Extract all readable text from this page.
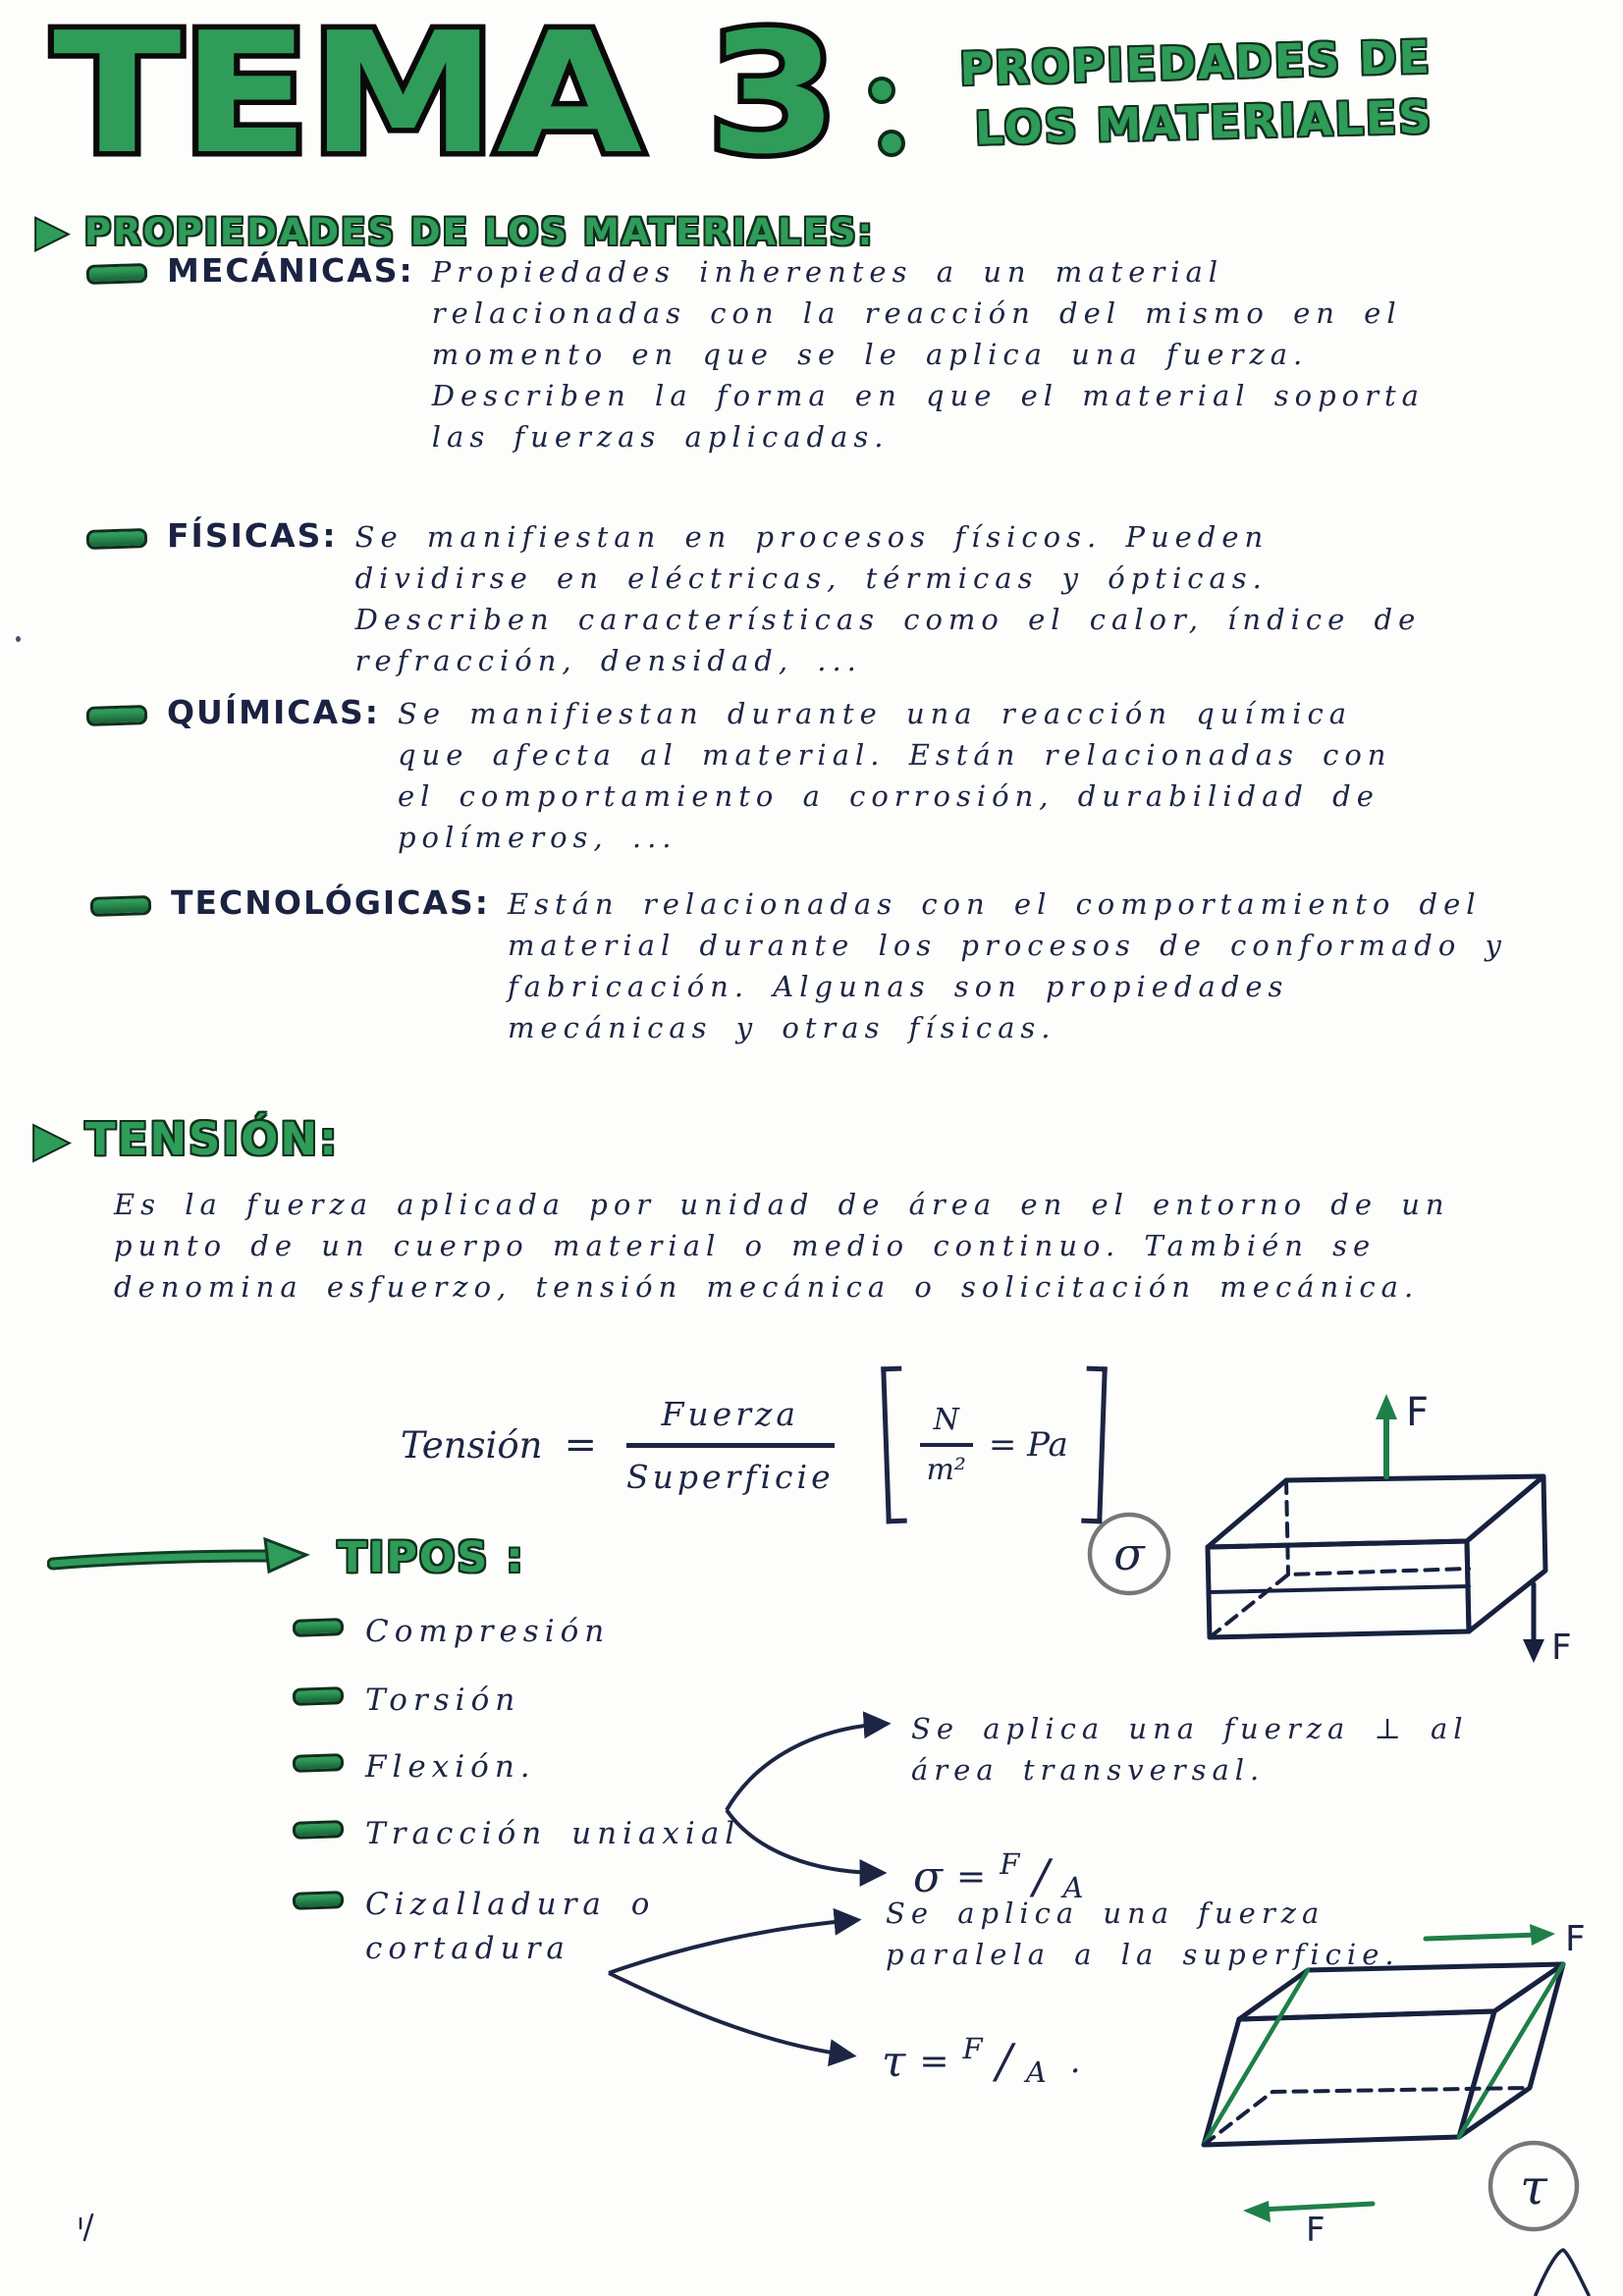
TEMA 3	PROPIEDADES DE
LOS MATERIALES
▶ PROPIEDADES DE LOS MATERIALES:
MECÁNICAS: Propiedades inherentes a un material relacionadas con la reacción del mismo en el momento en que se le aplica una fuerza. Describen la forma en que el material soporta las fuerzas aplicadas.
FÍSICAS: Se manifiestan en procesos físicos. Pueden dividirse en eléctricas, térmicas y ópticas. Describen características como el calor, índice de refracción, densidad, ...
QUÍMICAS: Se manifiestan durante una reacción química que afecta al material. Están relacionadas con el comportamiento a corrosión, durabilidad de polímeros, ...
TECNOLÓGICAS: Están relacionadas con el comportamiento del material durante los procesos de conformado y fabricación. Algunas son propiedades mecánicas y otras físicas.
▶ TENSIÓN:
Es la fuerza aplicada por unidad de área en el entorno de un punto de un cuerpo material o medio continuo. También se denomina esfuerzo, tensión mecánica o solicitación mecánica.
Tensión = $\frac{\text{Fuerza}}{\text{Superficie}}$	$\frac{N}{\text{m²}} = Pa$
σ
F
F
TIPOS :
Compresión
Torsión
Flexión.
Tracción uniaxial
Cizalladura o cortadura
Se aplica una fuerza ⊥ al área transversal.
σ = F / A
Se aplica una fuerza paralela a la superficie.
τ = F / A .
F
F
τ
